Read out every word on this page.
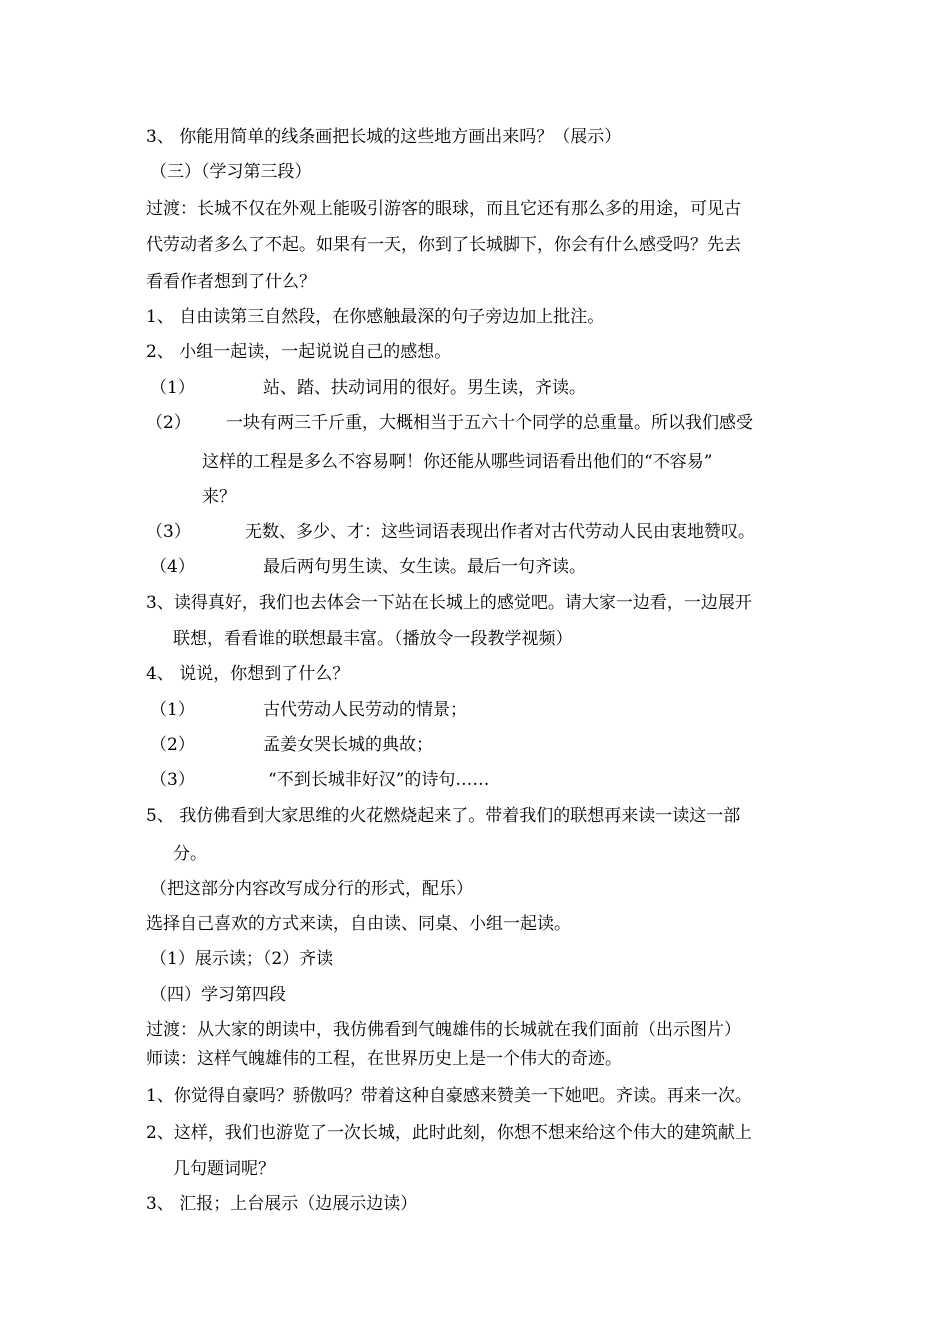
3、 你能用简单的线条画把长城的这些地方画出来吗？（展示）
（三）（学习第三段）
过渡：长城不仅在外观上能吸引游客的眼球，而且它还有那么多的用途，可见古
代劳动者多么了不起。如果有一天，你到了长城脚下，你会有什么感受吗？先去
看看作者想到了什么？
1、 自由读第三自然段，在你感触最深的句子旁边加上批注。
2、 小组一起读，一起说说自己的感想。
（1）	站、踏、扶动词用的很好。男生读，齐读。
（2） 一块有两三千斤重，大概相当于五六十个同学的总重量。所以我们感受
这样的工程是多么不容易啊！你还能从哪些词语看出他们的“不容易”
来？
（3）	无数、多少、才：这些词语表现出作者对古代劳动人民由衷地赞叹。
（4）	最后两句男生读、女生读。最后一句齐读。
3、读得真好，我们也去体会一下站在长城上的感觉吧。请大家一边看，一边展开
联想，看看谁的联想最丰富。（播放令一段教学视频）
4、 说说，你想到了什么？
（1）	古代劳动人民劳动的情景；
（2）	孟姜女哭长城的典故；
（3）	“不到长城非好汉”的诗句……
5、 我仿佛看到大家思维的火花燃烧起来了。带着我们的联想再来读一读这一部
分。
（把这部分内容改写成分行的形式，配乐）
选择自己喜欢的方式来读，自由读、同桌、小组一起读。
（1）展示读；（2）齐读
（四）学习第四段
过渡：从大家的朗读中，我仿佛看到气魄雄伟的长城就在我们面前（出示图片）
师读：这样气魄雄伟的工程，在世界历史上是一个伟大的奇迹。
1、你觉得自豪吗？骄傲吗？带着这种自豪感来赞美一下她吧。齐读。再来一次。
2、这样，我们也游览了一次长城，此时此刻，你想不想来给这个伟大的建筑献上
几句题词呢？
3、 汇报；上台展示（边展示边读）
